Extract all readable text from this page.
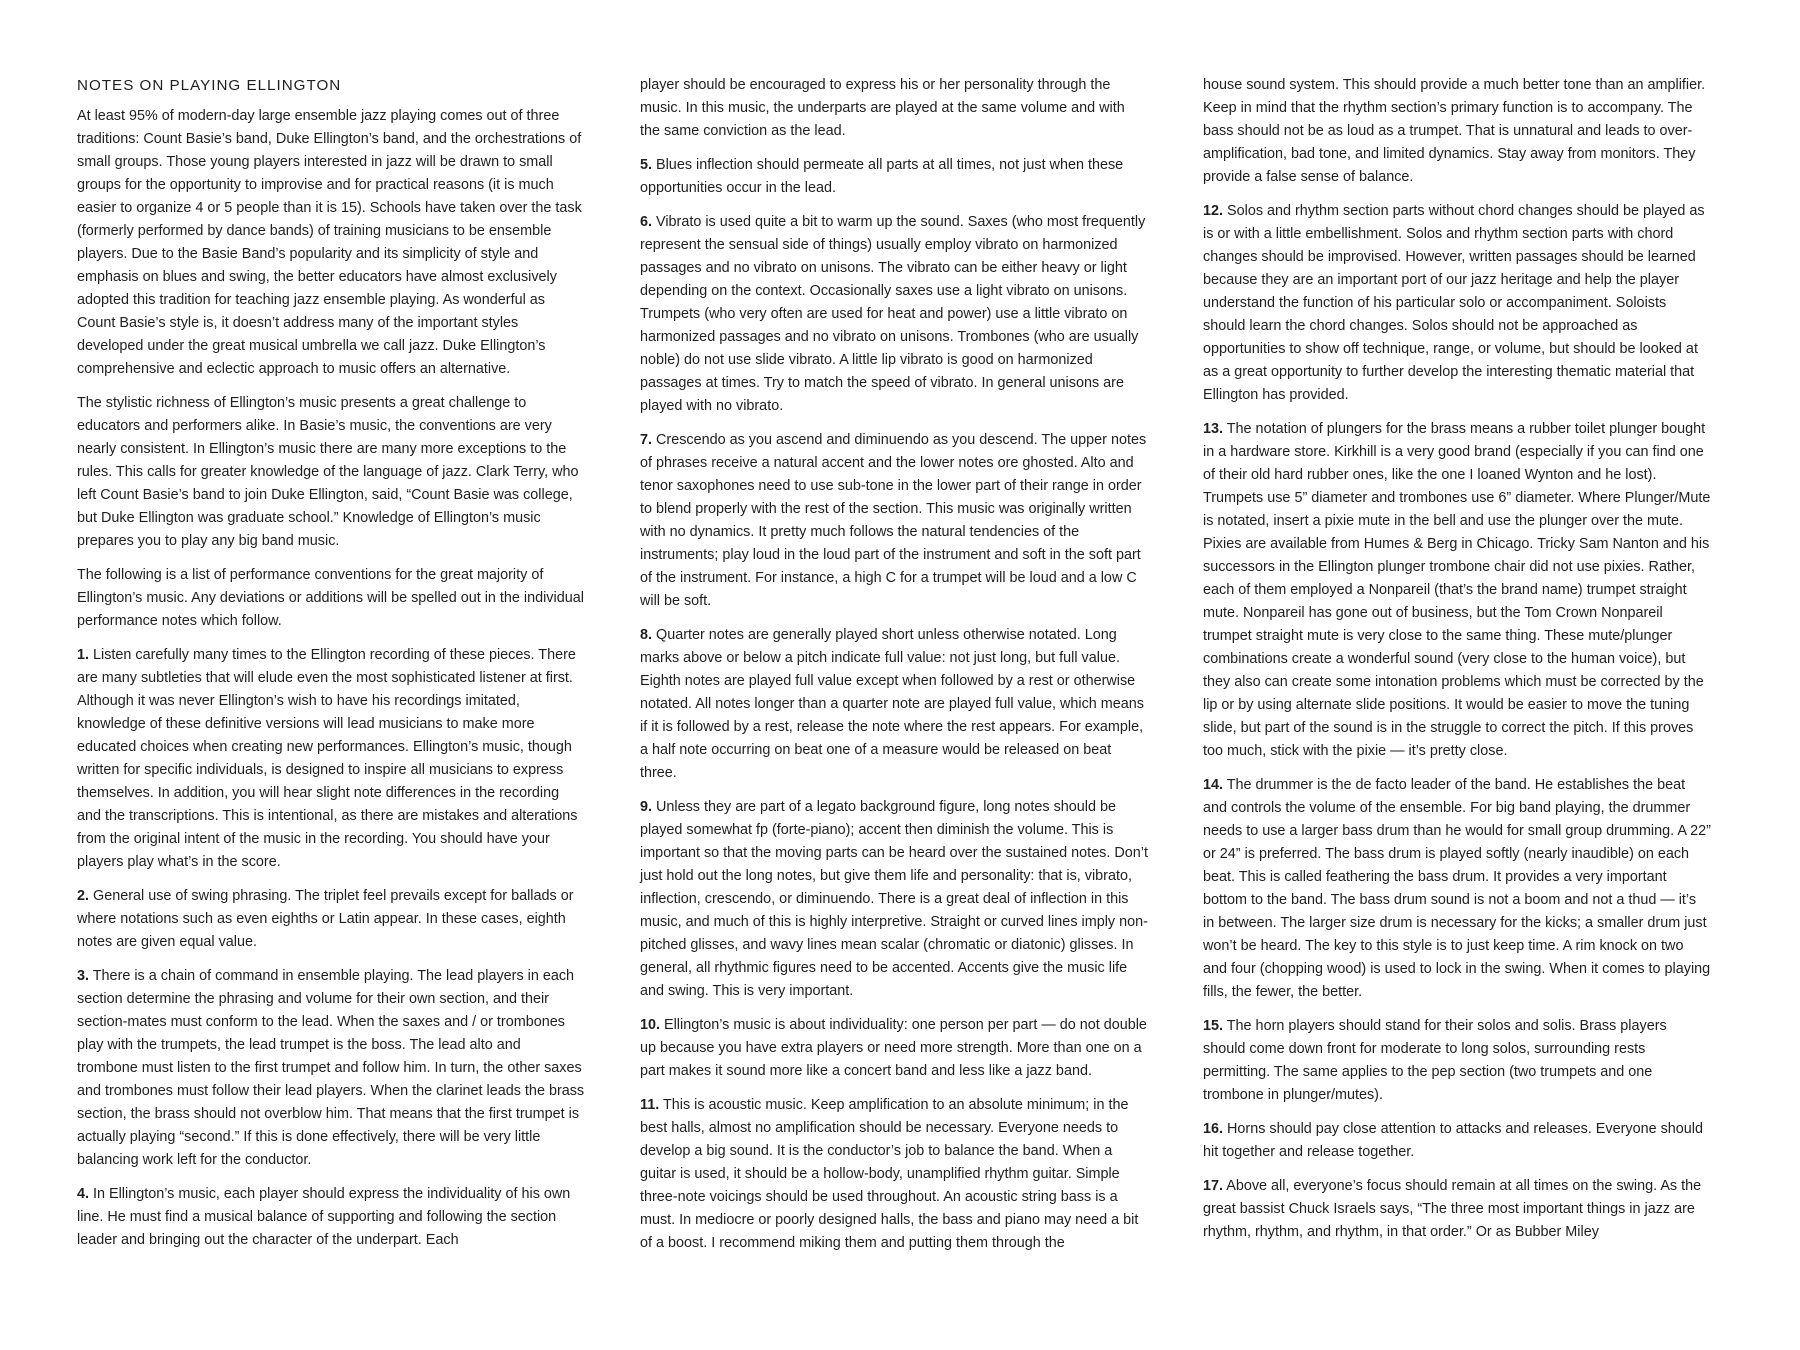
NOTES ON PLAYING ELLINGTON

At least 95% of modern-day large ensemble jazz playing comes out of three traditions: Count Basie’s band, Duke Ellington’s band, and the orchestrations of small groups. Those young players interested in jazz will be drawn to small groups for the opportunity to improvise and for practical reasons (it is much easier to organize 4 or 5 people than it is 15). Schools have taken over the task (formerly performed by dance bands) of training musicians to be ensemble players. Due to the Basie Band’s popularity and its simplicity of style and emphasis on blues and swing, the better educators have almost exclusively adopted this tradition for teaching jazz ensemble playing. As wonderful as Count Basie’s style is, it doesn’t address many of the important styles developed under the great musical umbrella we call jazz. Duke Ellington’s comprehensive and eclectic approach to music offers an alternative.

The stylistic richness of Ellington’s music presents a great challenge to educators and performers alike. In Basie’s music, the conventions are very nearly consistent. In Ellington’s music there are many more exceptions to the rules. This calls for greater knowledge of the language of jazz. Clark Terry, who left Count Basie’s band to join Duke Ellington, said, “Count Basie was college, but Duke Ellington was graduate school.” Knowledge of Ellington’s music prepares you to play any big band music.

The following is a list of performance conventions for the great majority of Ellington’s music. Any deviations or additions will be spelled out in the individual performance notes which follow.

1. Listen carefully many times to the Ellington recording of these pieces. There are many subtleties that will elude even the most sophisticated listener at first. Although it was never Ellington’s wish to have his recordings imitated, knowledge of these definitive versions will lead musicians to make more educated choices when creating new performances. Ellington’s music, though written for specific individuals, is designed to inspire all musicians to express themselves. In addition, you will hear slight note differences in the recording and the transcriptions. This is intentional, as there are mistakes and alterations from the original intent of the music in the recording. You should have your players play what’s in the score.

2. General use of swing phrasing. The triplet feel prevails except for ballads or where notations such as even eighths or Latin appear. In these cases, eighth notes are given equal value.

3. There is a chain of command in ensemble playing. The lead players in each section determine the phrasing and volume for their own section, and their section-mates must conform to the lead. When the saxes and / or trombones play with the trumpets, the lead trumpet is the boss. The lead alto and trombone must listen to the first trumpet and follow him. In turn, the other saxes and trombones must follow their lead players. When the clarinet leads the brass section, the brass should not overblow him. That means that the first trumpet is actually playing “second.” If this is done effectively, there will be very little balancing work left for the conductor.

4. In Ellington’s music, each player should express the individuality of his own line. He must find a musical balance of supporting and following the section leader and bringing out the character of the underpart. Each

player should be encouraged to express his or her personality through the music. In this music, the underparts are played at the same volume and with the same conviction as the lead.

5. Blues inflection should permeate all parts at all times, not just when these opportunities occur in the lead.

6. Vibrato is used quite a bit to warm up the sound. Saxes (who most frequently represent the sensual side of things) usually employ vibrato on harmonized passages and no vibrato on unisons. The vibrato can be either heavy or light depending on the context. Occasionally saxes use a light vibrato on unisons. Trumpets (who very often are used for heat and power) use a little vibrato on harmonized passages and no vibrato on unisons. Trombones (who are usually noble) do not use slide vibrato. A little lip vibrato is good on harmonized passages at times. Try to match the speed of vibrato. In general unisons are played with no vibrato.

7. Crescendo as you ascend and diminuendo as you descend. The upper notes of phrases receive a natural accent and the lower notes ore ghosted. Alto and tenor saxophones need to use sub-tone in the lower part of their range in order to blend properly with the rest of the section. This music was originally written with no dynamics. It pretty much follows the natural tendencies of the instruments; play loud in the loud part of the instrument and soft in the soft part of the instrument. For instance, a high C for a trumpet will be loud and a low C will be soft.

8. Quarter notes are generally played short unless otherwise notated. Long marks above or below a pitch indicate full value: not just long, but full value. Eighth notes are played full value except when followed by a rest or otherwise notated. All notes longer than a quarter note are played full value, which means if it is followed by a rest, release the note where the rest appears. For example, a half note occurring on beat one of a measure would be released on beat three.

9. Unless they are part of a legato background figure, long notes should be played somewhat fp (forte-piano); accent then diminish the volume. This is important so that the moving parts can be heard over the sustained notes. Don’t just hold out the long notes, but give them life and personality: that is, vibrato, inflection, crescendo, or diminuendo. There is a great deal of inflection in this music, and much of this is highly interpretive. Straight or curved lines imply non-pitched glisses, and wavy lines mean scalar (chromatic or diatonic) glisses. In general, all rhythmic figures need to be accented. Accents give the music life and swing. This is very important.

10. Ellington’s music is about individuality: one person per part — do not double up because you have extra players or need more strength. More than one on a part makes it sound more like a concert band and less like a jazz band.

11. This is acoustic music. Keep amplification to an absolute minimum; in the best halls, almost no amplification should be necessary. Everyone needs to develop a big sound. It is the conductor’s job to balance the band. When a guitar is used, it should be a hollow-body, unamplified rhythm guitar. Simple three-note voicings should be used throughout. An acoustic string bass is a must. In mediocre or poorly designed halls, the bass and piano may need a bit of a boost. I recommend miking them and putting them through the

house sound system. This should provide a much better tone than an amplifier. Keep in mind that the rhythm section’s primary function is to accompany. The bass should not be as loud as a trumpet. That is unnatural and leads to over-amplification, bad tone, and limited dynamics. Stay away from monitors. They provide a false sense of balance.

12. Solos and rhythm section parts without chord changes should be played as is or with a little embellishment. Solos and rhythm section parts with chord changes should be improvised. However, written passages should be learned because they are an important port of our jazz heritage and help the player understand the function of his particular solo or accompaniment. Soloists should learn the chord changes. Solos should not be approached as opportunities to show off technique, range, or volume, but should be looked at as a great opportunity to further develop the interesting thematic material that Ellington has provided.

13. The notation of plungers for the brass means a rubber toilet plunger bought in a hardware store. Kirkhill is a very good brand (especially if you can find one of their old hard rubber ones, like the one I loaned Wynton and he lost). Trumpets use 5” diameter and trombones use 6” diameter. Where Plunger/Mute is notated, insert a pixie mute in the bell and use the plunger over the mute. Pixies are available from Humes & Berg in Chicago. Tricky Sam Nanton and his successors in the Ellington plunger trombone chair did not use pixies. Rather, each of them employed a Nonpareil (that’s the brand name) trumpet straight mute. Nonpareil has gone out of business, but the Tom Crown Nonpareil trumpet straight mute is very close to the same thing. These mute/plunger combinations create a wonderful sound (very close to the human voice), but they also can create some intonation problems which must be corrected by the lip or by using alternate slide positions. It would be easier to move the tuning slide, but part of the sound is in the struggle to correct the pitch. If this proves too much, stick with the pixie — it’s pretty close.

14. The drummer is the de facto leader of the band. He establishes the beat and controls the volume of the ensemble. For big band playing, the drummer needs to use a larger bass drum than he would for small group drumming. A 22” or 24” is preferred. The bass drum is played softly (nearly inaudible) on each beat. This is called feathering the bass drum. It provides a very important bottom to the band. The bass drum sound is not a boom and not a thud — it’s in between. The larger size drum is necessary for the kicks; a smaller drum just won’t be heard. The key to this style is to just keep time. A rim knock on two and four (chopping wood) is used to lock in the swing. When it comes to playing fills, the fewer, the better.

15. The horn players should stand for their solos and solis. Brass players should come down front for moderate to long solos, surrounding rests permitting. The same applies to the pep section (two trumpets and one trombone in plunger/mutes).

16. Horns should pay close attention to attacks and releases. Everyone should hit together and release together.

17. Above all, everyone’s focus should remain at all times on the swing. As the great bassist Chuck Israels says, “The three most important things in jazz are rhythm, rhythm, and rhythm, in that order.” Or as Bubber Miley
